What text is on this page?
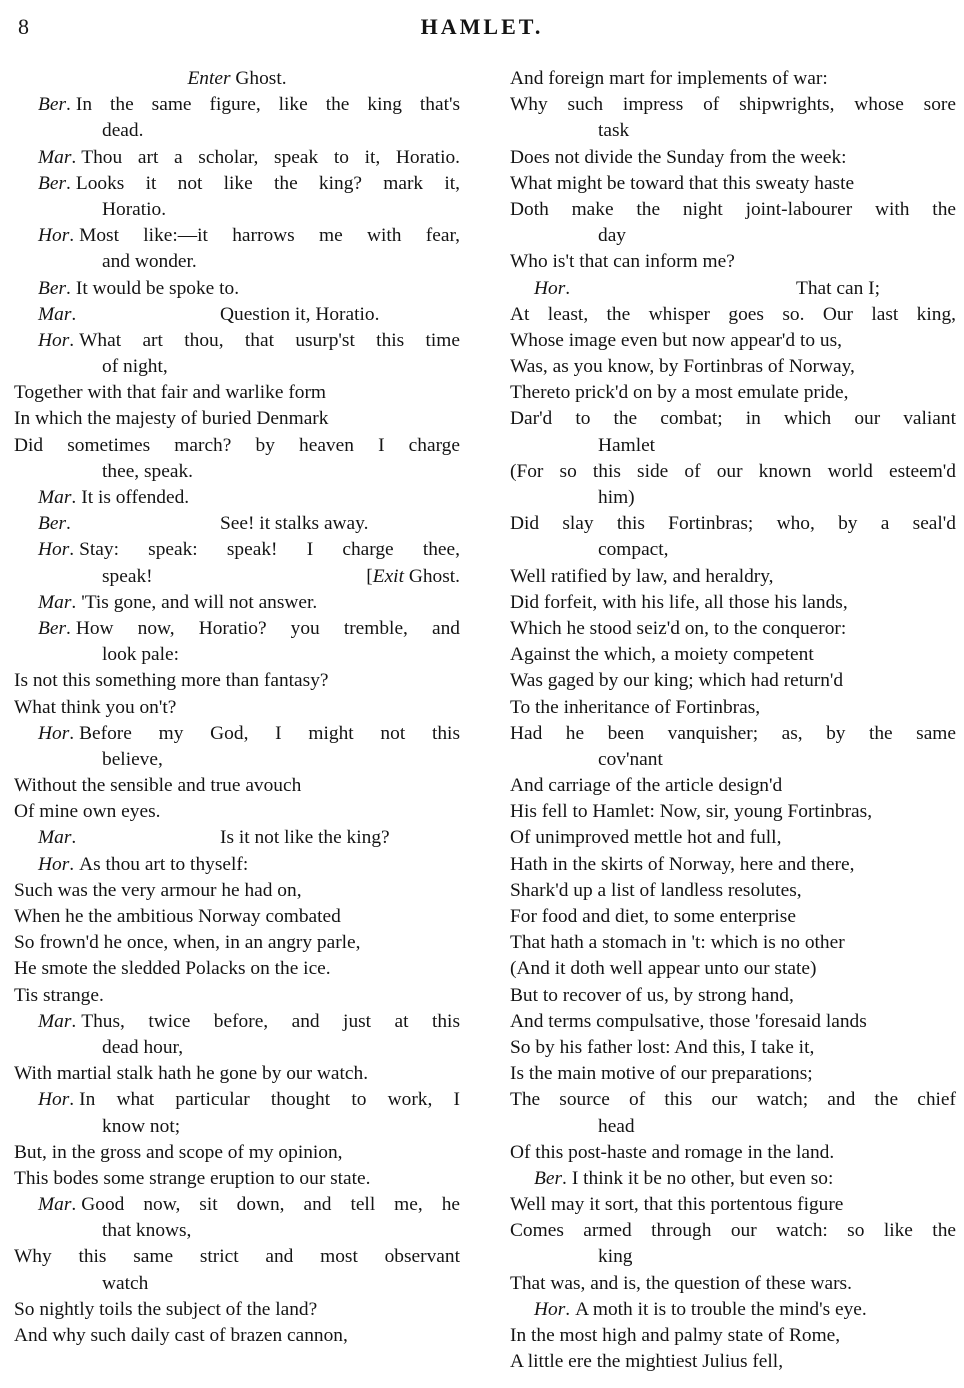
8	HAMLET.
Enter Ghost.
Ber. In the same figure, like the king that's
dead.
Mar. Thou art a scholar, speak to it, Horatio.
Ber. Looks it not like the king? mark it,
Horatio.
Hor. Most like:—it harrows me with fear,
and wonder.
Ber. It would be spoke to.
Mar.	Question it, Horatio.
Hor. What art thou, that usurp'st this time
of night,
Together with that fair and warlike form
In which the majesty of buried Denmark
Did sometimes march? by heaven I charge
thee, speak.
Mar. It is offended.
Ber.	See! it stalks away.
Hor. Stay: speak: speak! I charge thee,
speak!	[Exit Ghost.
Mar. 'Tis gone, and will not answer.
Ber. How now, Horatio? you tremble, and
look pale:
Is not this something more than fantasy?
What think you on't?
Hor. Before my God, I might not this
believe,
Without the sensible and true avouch
Of mine own eyes.
Mar.	Is it not like the king?
Hor. As thou art to thyself:
Such was the very armour he had on,
When he the ambitious Norway combated
So frown'd he once, when, in an angry parle,
He smote the sledded Polacks on the ice.
Tis strange.
Mar. Thus, twice before, and just at this
dead hour,
With martial stalk hath he gone by our watch.
Hor. In what particular thought to work, I
know not;
But, in the gross and scope of my opinion,
This bodes some strange eruption to our state.
Mar. Good now, sit down, and tell me, he
that knows,
Why this same strict and most observant
watch
So nightly toils the subject of the land?
And why such daily cast of brazen cannon,
And foreign mart for implements of war:
Why such impress of shipwrights, whose sore
task
Does not divide the Sunday from the week:
What might be toward that this sweaty haste
Doth make the night joint-labourer with the
day
Who is't that can inform me?
Hor.	That can I;
At least, the whisper goes so. Our last king,
Whose image even but now appear'd to us,
Was, as you know, by Fortinbras of Norway,
Thereto prick'd on by a most emulate pride,
Dar'd to the combat; in which our valiant
Hamlet
(For so this side of our known world esteem'd
him)
Did slay this Fortinbras; who, by a seal'd
compact,
Well ratified by law, and heraldry,
Did forfeit, with his life, all those his lands,
Which he stood seiz'd on, to the conqueror:
Against the which, a moiety competent
Was gaged by our king; which had return'd
To the inheritance of Fortinbras,
Had he been vanquisher; as, by the same
cov'nant
And carriage of the article design'd
His fell to Hamlet: Now, sir, young Fortinbras,
Of unimproved mettle hot and full,
Hath in the skirts of Norway, here and there,
Shark'd up a list of landless resolutes,
For food and diet, to some enterprise
That hath a stomach in 't: which is no other
(And it doth well appear unto our state)
But to recover of us, by strong hand,
And terms compulsative, those 'foresaid lands
So by his father lost: And this, I take it,
Is the main motive of our preparations;
The source of this our watch; and the chief
head
Of this post-haste and romage in the land.
Ber. I think it be no other, but even so:
Well may it sort, that this portentous figure
Comes armed through our watch: so like the
king
That was, and is, the question of these wars.
Hor. A moth it is to trouble the mind's eye.
In the most high and palmy state of Rome,
A little ere the mightiest Julius fell,
